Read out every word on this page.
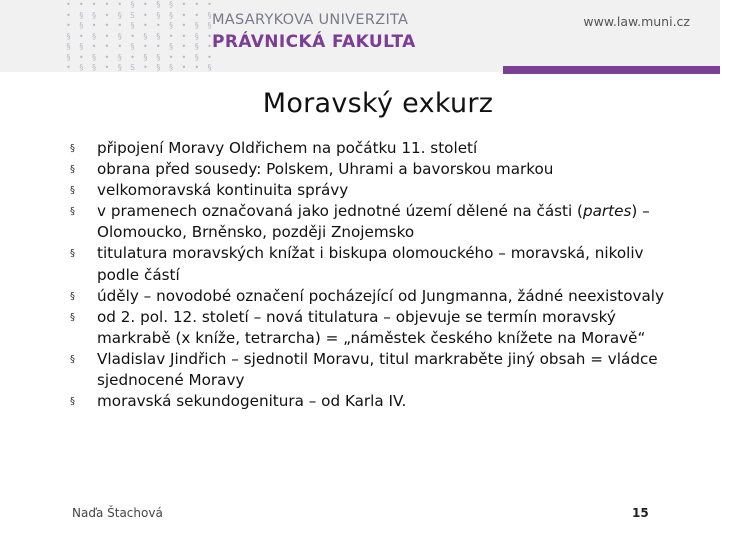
• • • • • § • § § • • •
• § § • § S • § § • • §
• § • • • § • • § • § §
§ • § • § • § § • • § •
§ § • • • § • • § • § •
§ • § • § • § § • • § •
• § § • § S • § § • • §
MASARYKOVA UNIVERZITA
PRÁVNICKÁ FAKULTA
www.law.muni.cz
Moravský exkurz
§	připojení Moravy Oldřichem na počátku 11. století
§	obrana před sousedy: Polskem, Uhrami a bavorskou markou
§	velkomoravská kontinuita správy
§	v pramenech označovaná jako jednotné území dělené na části (partes) – Olomoucko, Brněnsko, později Znojemsko
§	titulatura moravských knížat i biskupa olomouckého – moravská, nikoliv podle částí
§	úděly – novodobé označení pocházející od Jungmanna, žádné neexistovaly
§	od 2. pol. 12. století – nová titulatura – objevuje se termín moravský markrabě (x kníže, tetrarcha) = „náměstek českého knížete na Moravě“
§	Vladislav Jindřich – sjednotil Moravu, titul markraběte jiný obsah = vládce sjednocené Moravy
§	moravská sekundogenitura – od Karla IV.
Naďa Štachová	15
